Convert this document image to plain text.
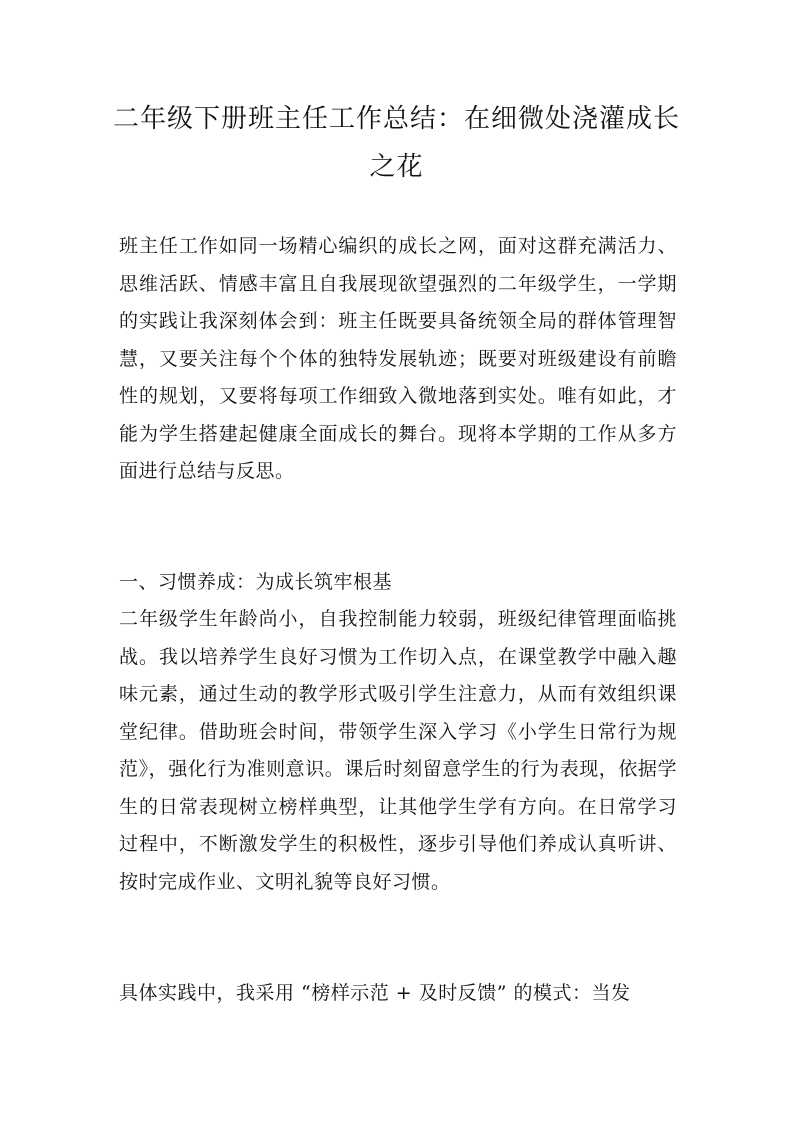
二年级下册班主任工作总结：在细微处浇灌成长之花

班主任工作如同一场精心编织的成长之网，面对这群充满活力、思维活跃、情感丰富且自我展现欲望强烈的二年级学生，一学期的实践让我深刻体会到：班主任既要具备统领全局的群体管理智慧，又要关注每个个体的独特发展轨迹；既要对班级建设有前瞻性的规划，又要将每项工作细致入微地落到实处。唯有如此，才能为学生搭建起健康全面成长的舞台。现将本学期的工作从多方面进行总结与反思。

一、习惯养成：为成长筑牢根基

二年级学生年龄尚小，自我控制能力较弱，班级纪律管理面临挑战。我以培养学生良好习惯为工作切入点，在课堂教学中融入趣味元素，通过生动的教学形式吸引学生注意力，从而有效组织课堂纪律。借助班会时间，带领学生深入学习《小学生日常行为规范》，强化行为准则意识。课后时刻留意学生的行为表现，依据学生的日常表现树立榜样典型，让其他学生学有方向。在日常学习过程中，不断激发学生的积极性，逐步引导他们养成认真听讲、按时完成作业、文明礼貌等良好习惯。

具体实践中，我采用 “榜样示范 + 及时反馈” 的模式：当发
